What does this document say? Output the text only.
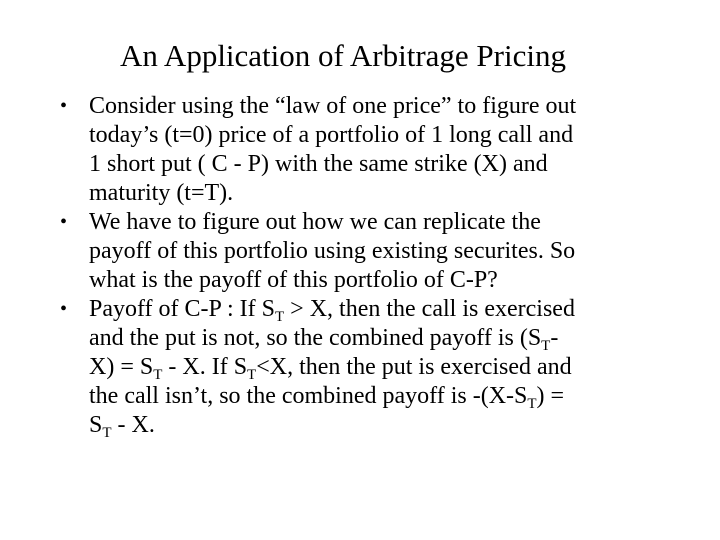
An Application of Arbitrage Pricing
• Consider using the “law of one price” to figure out
today’s (t=0) price of a portfolio of 1 long call and
1 short put ( C - P) with the same strike (X) and
maturity (t=T).
• We have to figure out how we can replicate the
payoff of this portfolio using existing securites. So
what is the payoff of this portfolio of C-P?
• Payoff of C-P : If $S_T > X$, then the call is exercised
and the put is not, so the combined payoff is ($S_T-$
$X) = S_T - X$. If $S_T<X$, then the put is exercised and
the call isn’t, so the combined payoff is $-(X-S_T)$ =
$S_T$ - X.
